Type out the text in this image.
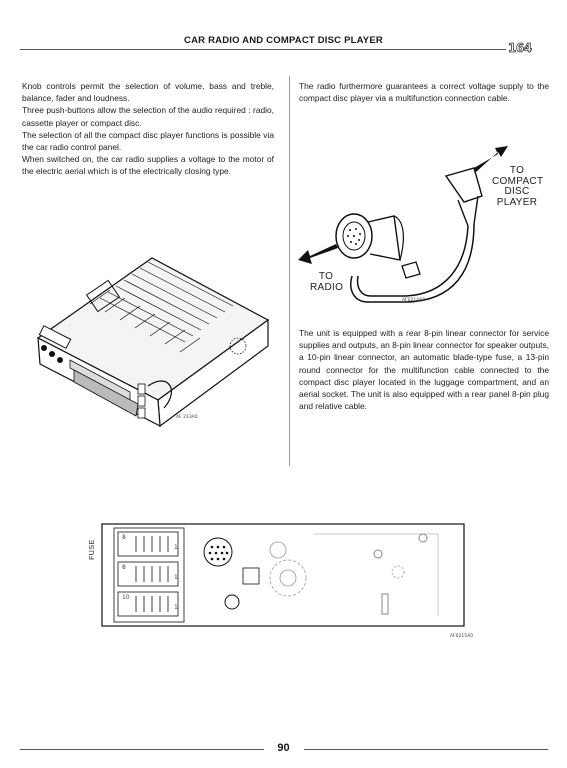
CAR RADIO AND COMPACT DISC PLAYER
164

Knob controls permit the selection of volume, bass and treble, balance, fader and loudness.

Three push-buttons allow the selection of the audio required : radio, cassette player or compact disc.

The selection of all the compact disc player functions is possible via the car radio control panel.

When switched on, the car radio supplies a voltage to the motor of the electric aerial which is of the electrically closing type.

The radio furthermore guarantees a correct voltage supply to the compact disc player via a multifunction connection cable.
TO COMPACT DISC PLAYER
TO RADIO
AF0214A0
The unit is equipped with a rear 8-pin linear connector for service supplies and outputs, an 8-pin linear connector for speaker outputs, a 10-pin linear connector, an automatic blade-type fuse, a 13-pin round connector for the multifunction cable connected to the compact disc player located in the luggage compartment, and an aerial socket. The unit is also equipped with a rear panel 8-pin plug and relative cable.
AF 213A0
FUSE
8
1
8
1
10
1
AF0215A0
90
